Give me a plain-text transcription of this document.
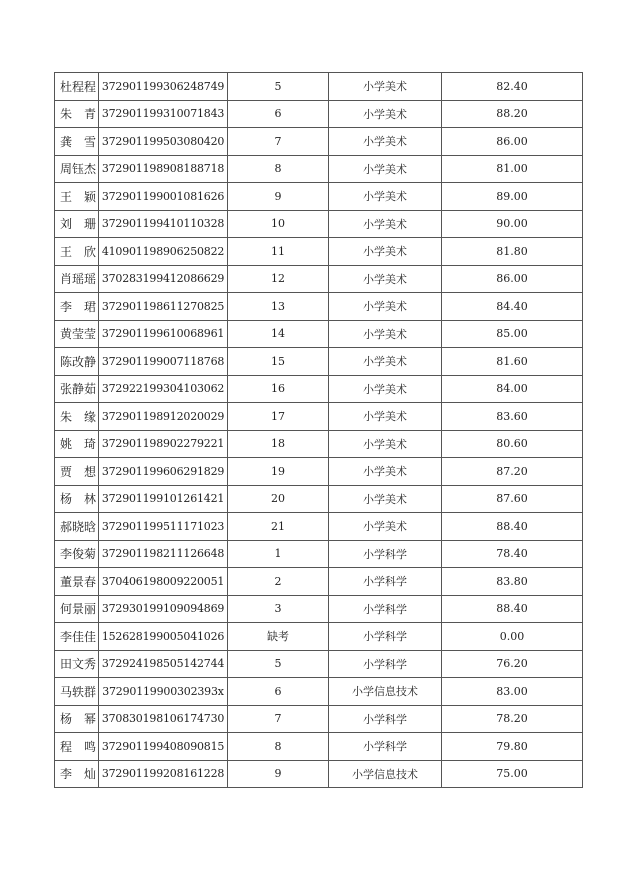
杜程程	372901199306248749	5	小学美术	82.40
朱　青	372901199310071843	6	小学美术	88.20
龚　雪	372901199503080420	7	小学美术	86.00
周钰杰	372901198908188718	8	小学美术	81.00
王　颖	372901199001081626	9	小学美术	89.00
刘　珊	372901199410110328	10	小学美术	90.00
王　欣	410901198906250822	11	小学美术	81.80
肖瑶瑶	370283199412086629	12	小学美术	86.00
李　珺	372901198611270825	13	小学美术	84.40
黄莹莹	372901199610068961	14	小学美术	85.00
陈改静	372901199007118768	15	小学美术	81.60
张静茹	372922199304103062	16	小学美术	84.00
朱　缘	372901198912020029	17	小学美术	83.60
姚　琦	372901198902279221	18	小学美术	80.60
贾　想	372901199606291829	19	小学美术	87.20
杨　林	372901199101261421	20	小学美术	87.60
郝晓晗	372901199511171023	21	小学美术	88.40
李俊菊	372901198211126648	1	小学科学	78.40
董景春	370406198009220051	2	小学科学	83.80
何景丽	372930199109094869	3	小学科学	88.40
李佳佳	152628199005041026	缺考	小学科学	0.00
田文秀	372924198505142744	5	小学科学	76.20
马轶群	37290119900302393x	6	小学信息技术	83.00
杨　幂	370830198106174730	7	小学科学	78.20
程　鸣	372901199408090815	8	小学科学	79.80
李　灿	372901199208161228	9	小学信息技术	75.00
